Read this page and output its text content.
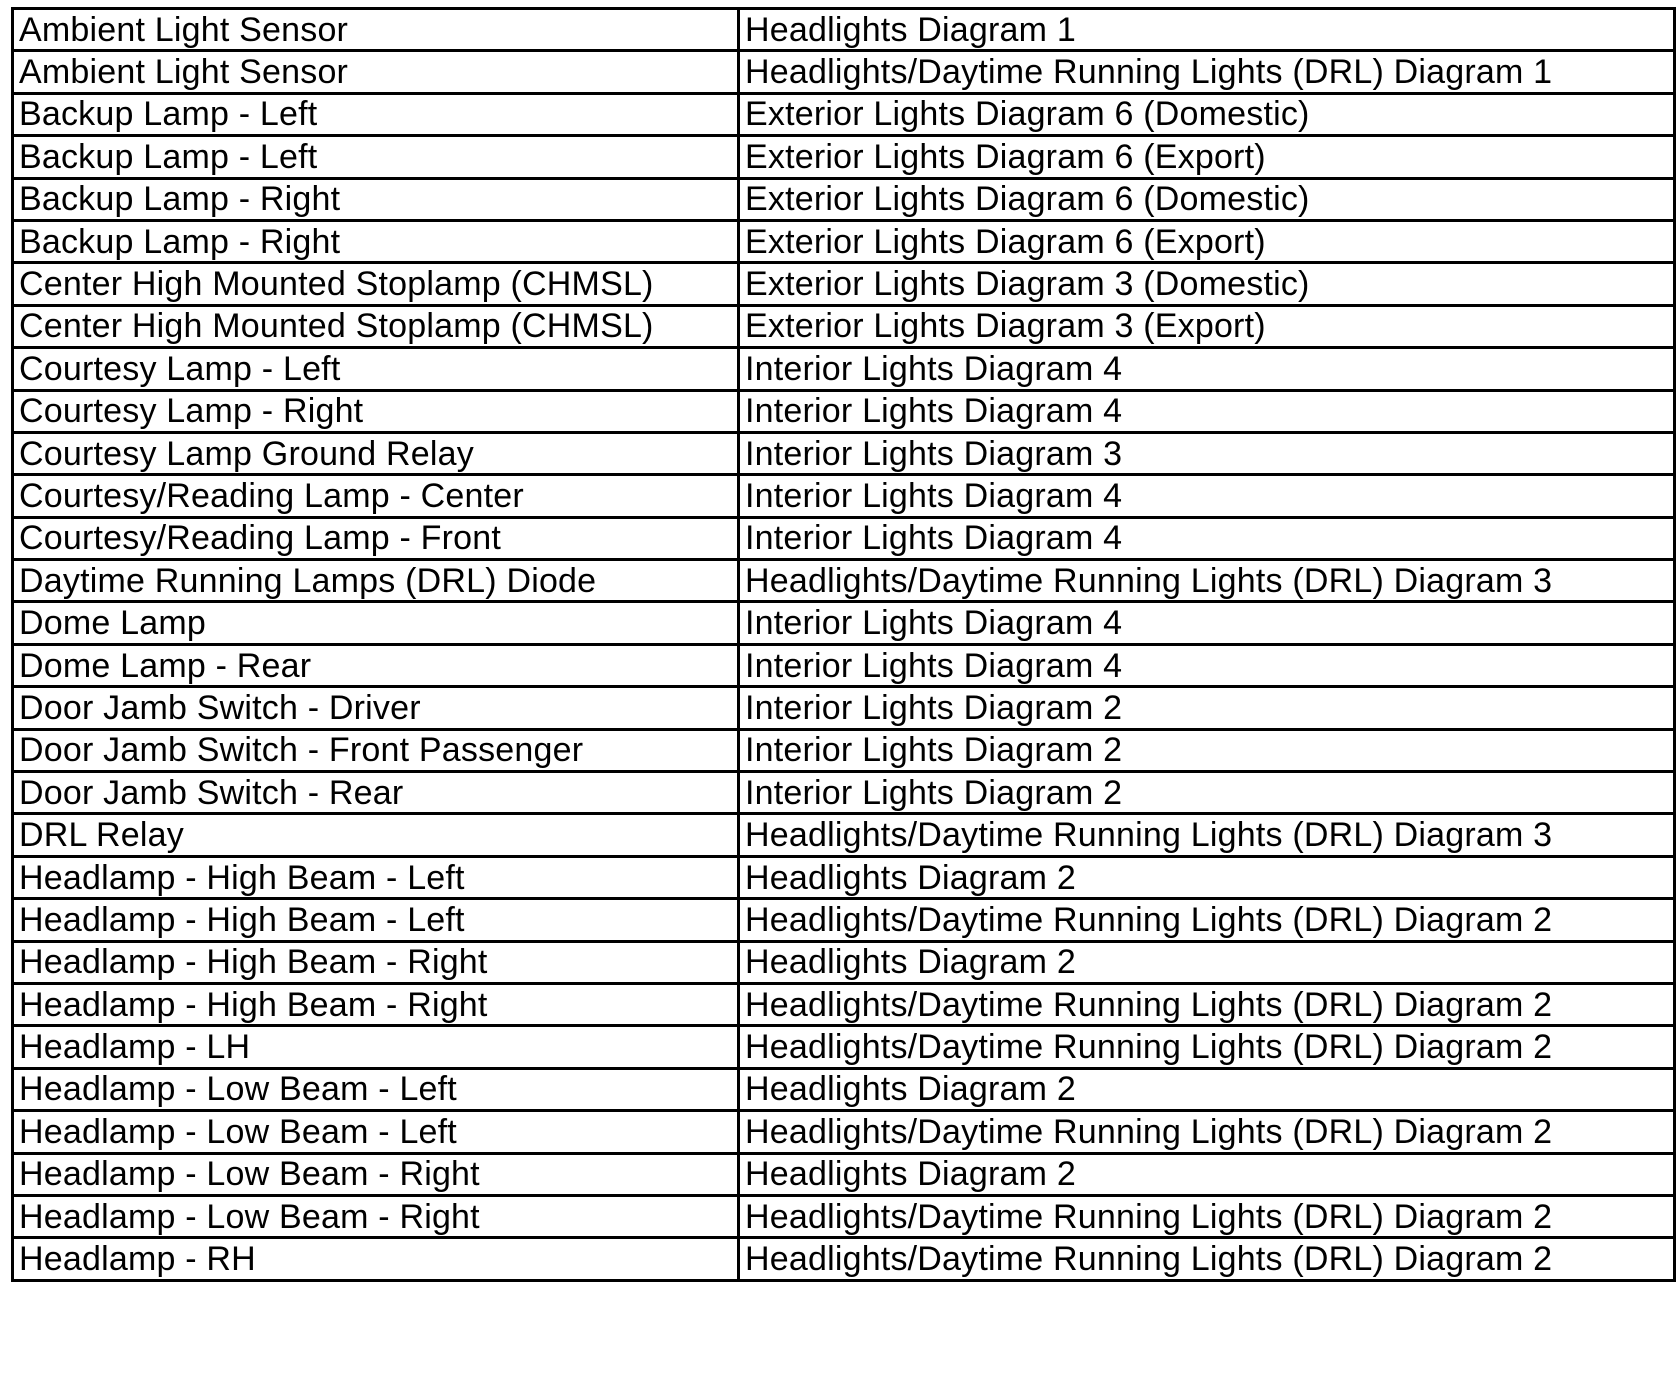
Ambient Light Sensor	Headlights Diagram 1
Ambient Light Sensor	Headlights/Daytime Running Lights (DRL) Diagram 1
Backup Lamp - Left	Exterior Lights Diagram 6 (Domestic)
Backup Lamp - Left	Exterior Lights Diagram 6 (Export)
Backup Lamp - Right	Exterior Lights Diagram 6 (Domestic)
Backup Lamp - Right	Exterior Lights Diagram 6 (Export)
Center High Mounted Stoplamp (CHMSL)	Exterior Lights Diagram 3 (Domestic)
Center High Mounted Stoplamp (CHMSL)	Exterior Lights Diagram 3 (Export)
Courtesy Lamp - Left	Interior Lights Diagram 4
Courtesy Lamp - Right	Interior Lights Diagram 4
Courtesy Lamp Ground Relay	Interior Lights Diagram 3
Courtesy/Reading Lamp - Center	Interior Lights Diagram 4
Courtesy/Reading Lamp - Front	Interior Lights Diagram 4
Daytime Running Lamps (DRL) Diode	Headlights/Daytime Running Lights (DRL) Diagram 3
Dome Lamp	Interior Lights Diagram 4
Dome Lamp - Rear	Interior Lights Diagram 4
Door Jamb Switch - Driver	Interior Lights Diagram 2
Door Jamb Switch - Front Passenger	Interior Lights Diagram 2
Door Jamb Switch - Rear	Interior Lights Diagram 2
DRL Relay	Headlights/Daytime Running Lights (DRL) Diagram 3
Headlamp - High Beam - Left	Headlights Diagram 2
Headlamp - High Beam - Left	Headlights/Daytime Running Lights (DRL) Diagram 2
Headlamp - High Beam - Right	Headlights Diagram 2
Headlamp - High Beam - Right	Headlights/Daytime Running Lights (DRL) Diagram 2
Headlamp - LH	Headlights/Daytime Running Lights (DRL) Diagram 2
Headlamp - Low Beam - Left	Headlights Diagram 2
Headlamp - Low Beam - Left	Headlights/Daytime Running Lights (DRL) Diagram 2
Headlamp - Low Beam - Right	Headlights Diagram 2
Headlamp - Low Beam - Right	Headlights/Daytime Running Lights (DRL) Diagram 2
Headlamp - RH	Headlights/Daytime Running Lights (DRL) Diagram 2
